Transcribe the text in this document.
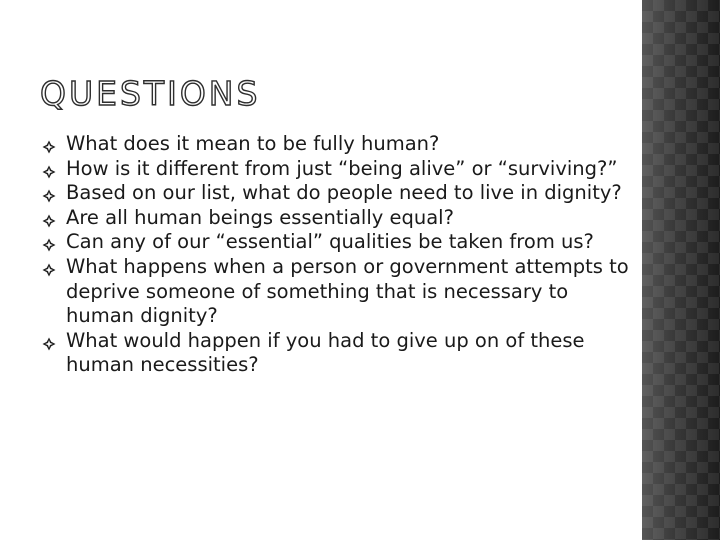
QUESTIONS
What does it mean to be fully human?
How is it different from just “being alive” or “surviving?”
Based on our list, what do people need to live in dignity?
Are all human beings essentially equal?
Can any of our “essential” qualities be taken from us?
What happens when a person or government attempts to deprive someone of something that is necessary to human dignity?
What would happen if you had to give up on of these human necessities?
